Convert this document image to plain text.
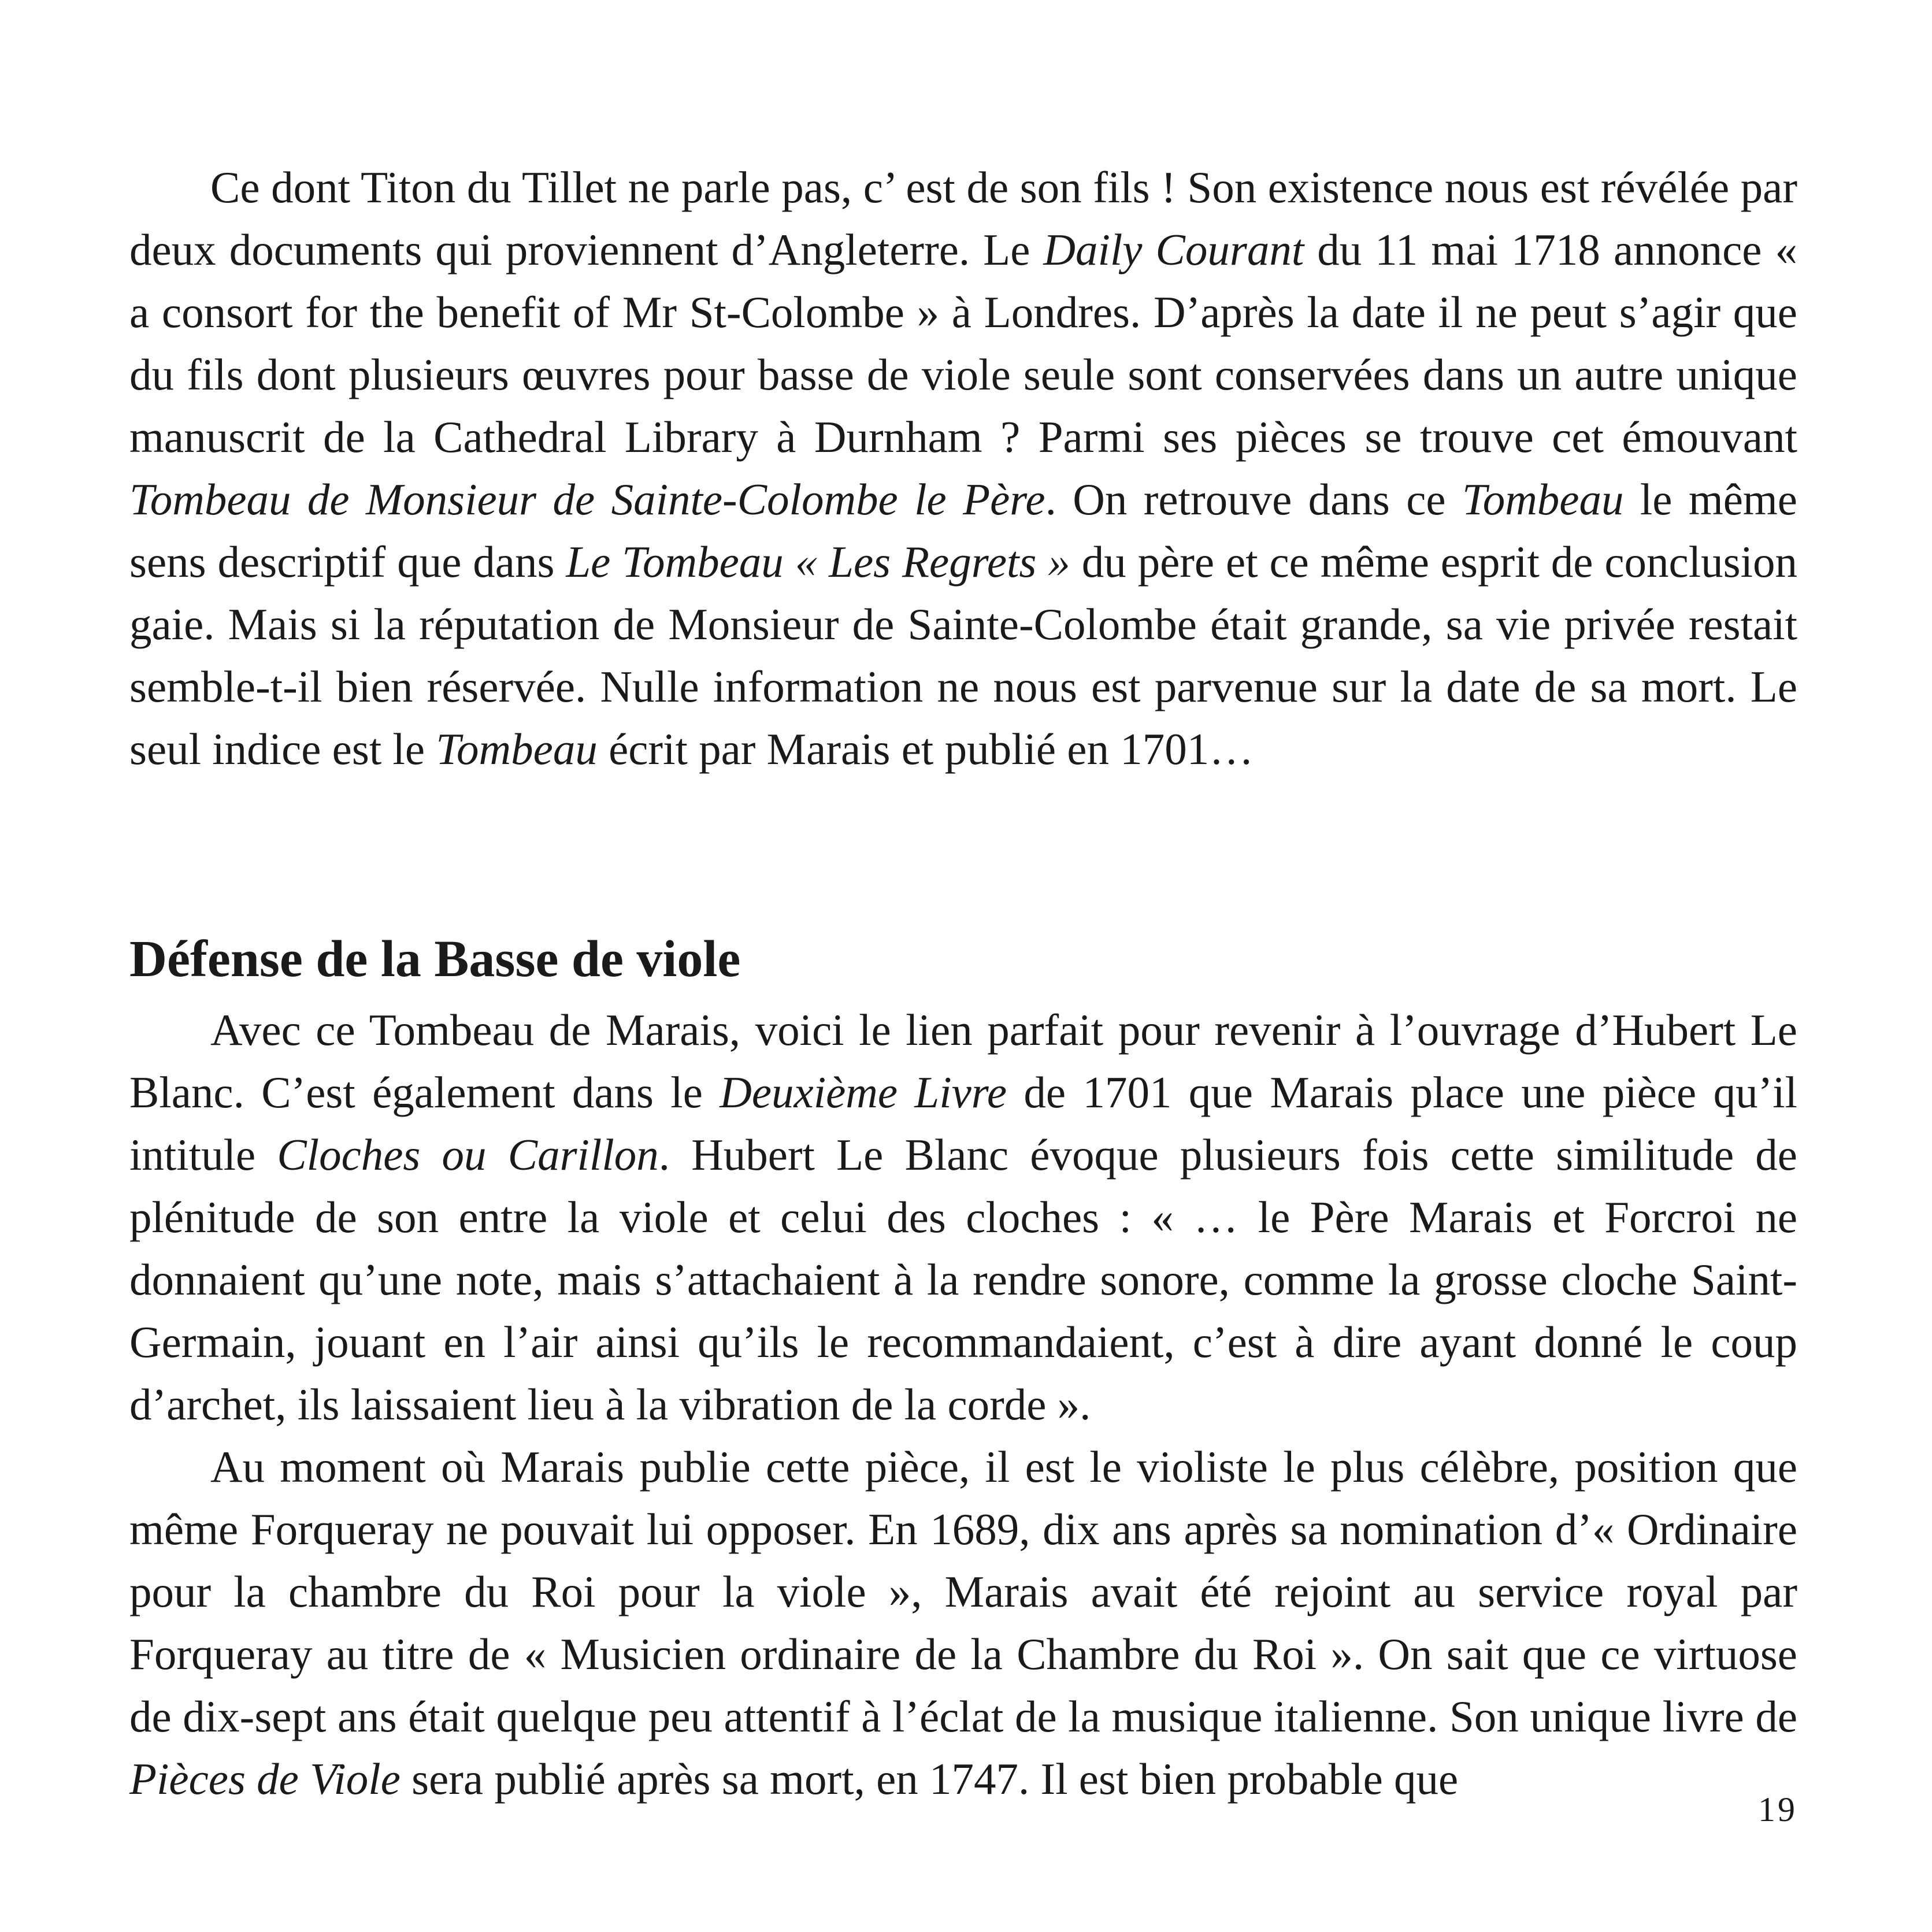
Ce dont Titon du Tillet ne parle pas, c’ est de son fils ! Son existence nous est révélée par deux documents qui proviennent d’Angleterre. Le Daily Courant du 11 mai 1718 annonce « a consort for the benefit of Mr St-Colombe » à Londres. D’après la date il ne peut s’agir que du fils dont plusieurs œuvres pour basse de viole seule sont conservées dans un autre unique manuscrit de la Cathedral Library à Durnham ? Parmi ses pièces se trouve cet émouvant Tombeau de Monsieur de Sainte-Colombe le Père. On retrouve dans ce Tombeau le même sens descriptif que dans Le Tombeau « Les Regrets » du père et ce même esprit de conclusion gaie. Mais si la réputation de Monsieur de Sainte-Colombe était grande, sa vie privée restait semble-t-il bien réservée. Nulle information ne nous est parvenue sur la date de sa mort. Le seul indice est le Tombeau écrit par Marais et publié en 1701…

Défense de la Basse de viole

Avec ce Tombeau de Marais, voici le lien parfait pour revenir à l’ouvrage d’Hubert Le Blanc. C’est également dans le Deuxième Livre de 1701 que Marais place une pièce qu’il intitule Cloches ou Carillon. Hubert Le Blanc évoque plusieurs fois cette similitude de plénitude de son entre la viole et celui des cloches : « … le Père Marais et Forcroi ne donnaient qu’une note, mais s’attachaient à la rendre sonore, comme la grosse cloche Saint-Germain, jouant en l’air ainsi qu’ils le recommandaient, c’est à dire ayant donné le coup d’archet, ils laissaient lieu à la vibration de la corde ».

Au moment où Marais publie cette pièce, il est le violiste le plus célèbre, position que même Forqueray ne pouvait lui opposer. En 1689, dix ans après sa nomination d’« Ordinaire pour la chambre du Roi pour la viole », Marais avait été rejoint au service royal par Forqueray au titre de « Musicien ordinaire de la Chambre du Roi ». On sait que ce virtuose de dix-sept ans était quelque peu attentif à l’éclat de la musique italienne. Son unique livre de Pièces de Viole sera publié après sa mort, en 1747. Il est bien probable que

19
